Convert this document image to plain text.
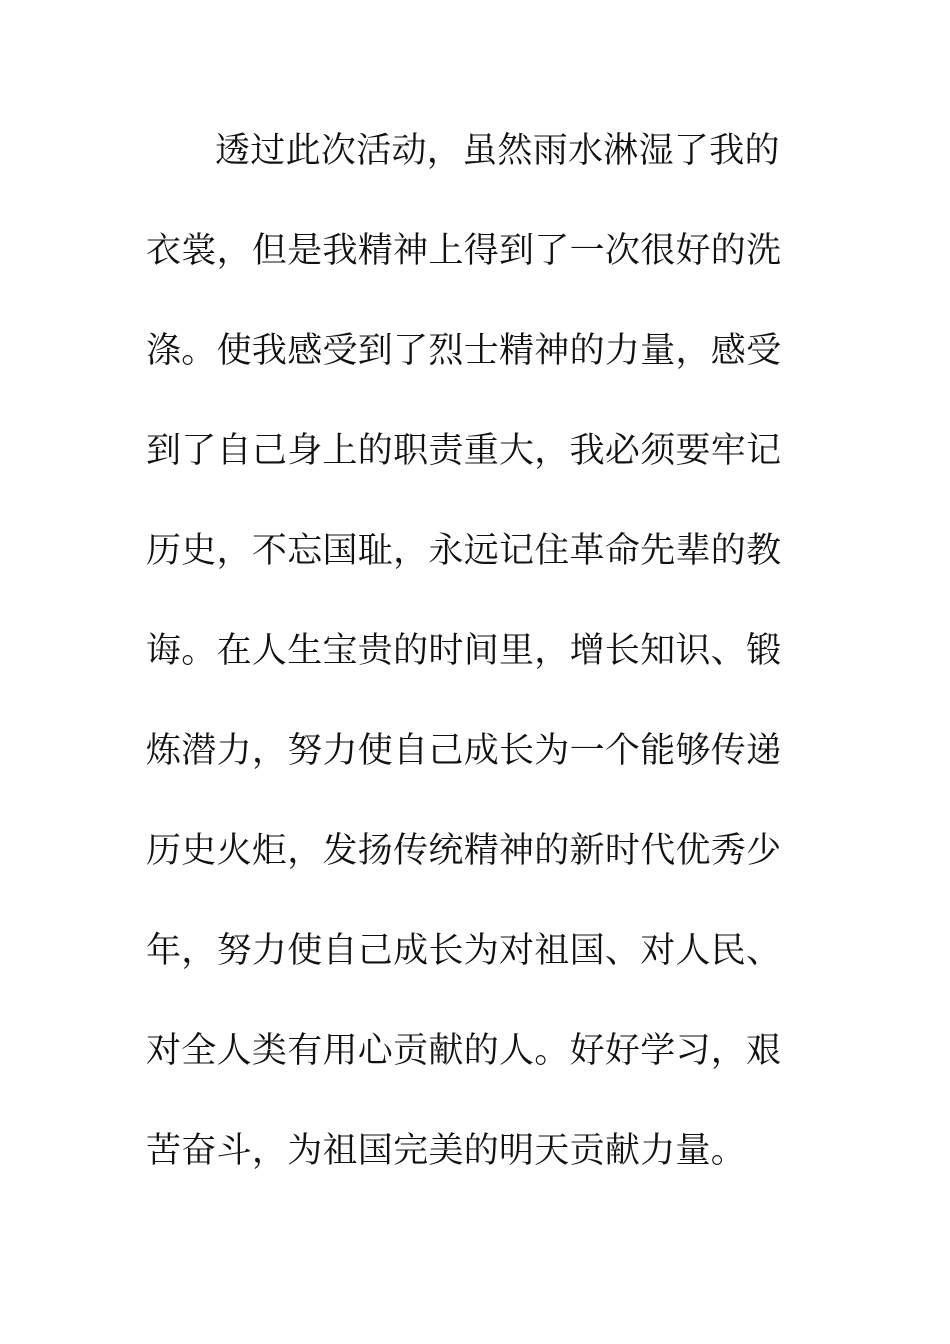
透过此次活动，虽然雨水淋湿了我的
衣裳，但是我精神上得到了一次很好的洗
涤。使我感受到了烈士精神的力量，感受
到了自己身上的职责重大，我必须要牢记
历史，不忘国耻，永远记住革命先辈的教
诲。在人生宝贵的时间里，增长知识、锻
炼潜力，努力使自己成长为一个能够传递
历史火炬，发扬传统精神的新时代优秀少
年，努力使自己成长为对祖国、对人民、
对全人类有用心贡献的人。好好学习，艰
苦奋斗，为祖国完美的明天贡献力量。
